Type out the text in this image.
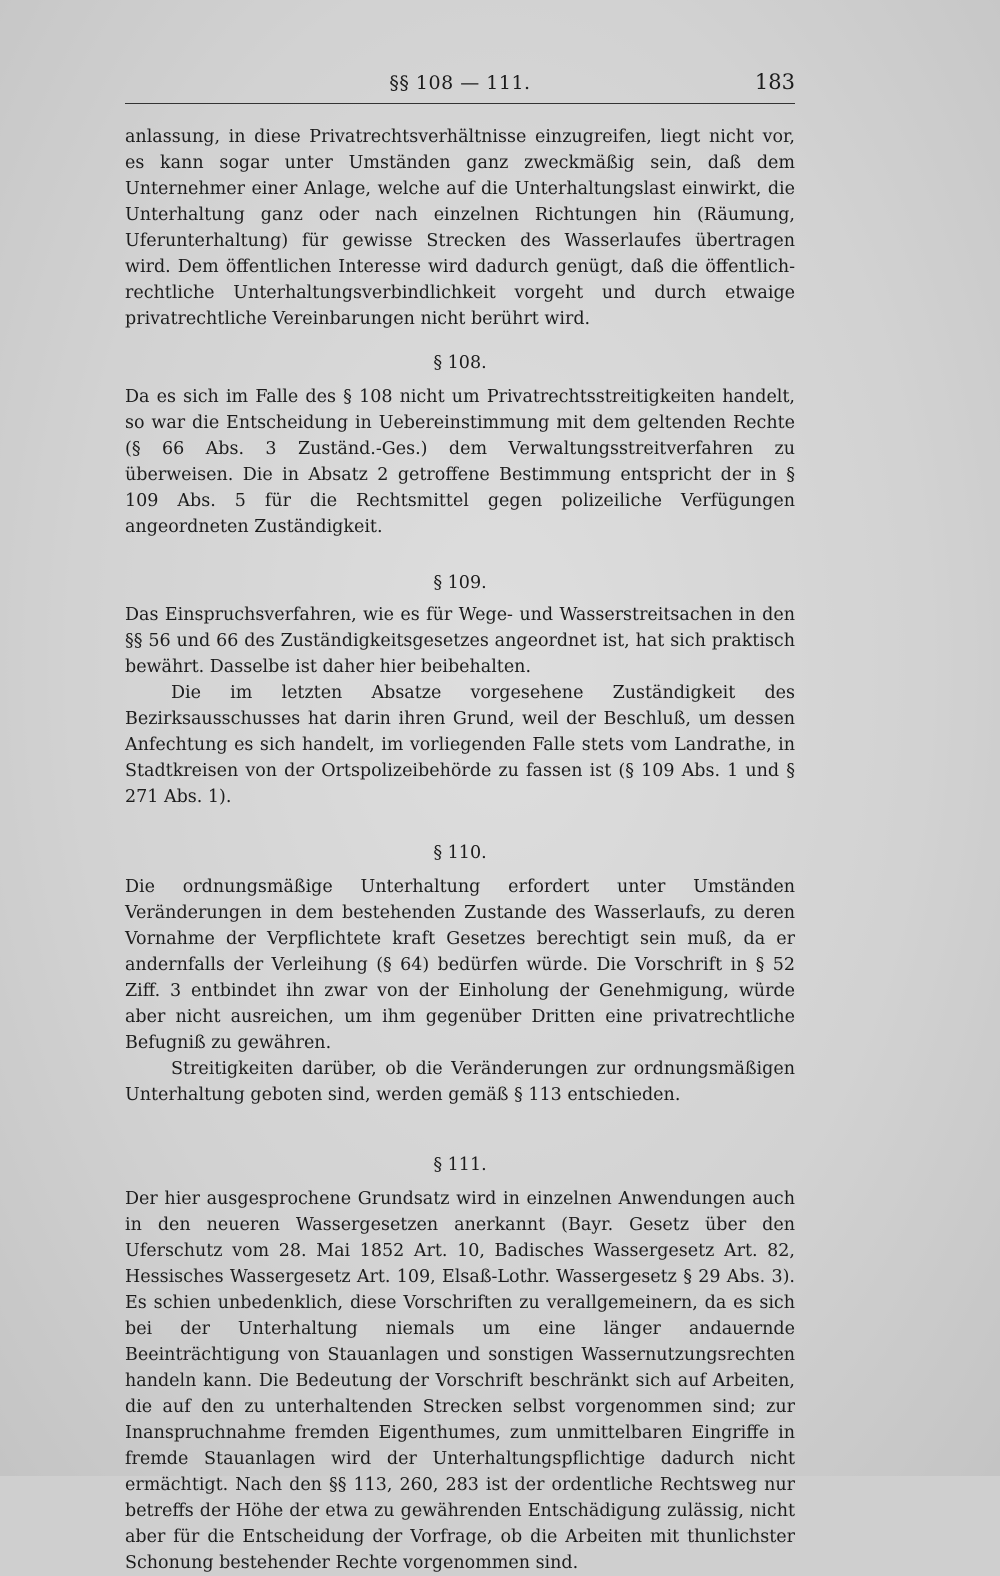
§§ 108 — 111.	183

anlassung, in diese Privatrechtsverhältnisse einzugreifen, liegt nicht vor, es kann sogar unter Umständen ganz zweckmäßig sein, daß dem Unternehmer einer Anlage, welche auf die Unterhaltungslast einwirkt, die Unterhaltung ganz oder nach einzelnen Richtungen hin (Räumung, Uferunterhaltung) für gewisse Strecken des Wasserlaufes übertragen wird. Dem öffentlichen Interesse wird dadurch genügt, daß die öffentlich-rechtliche Unterhaltungsverbindlichkeit vorgeht und durch etwaige privatrechtliche Vereinbarungen nicht berührt wird.

§ 108.

Da es sich im Falle des § 108 nicht um Privatrechtsstreitigkeiten handelt, so war die Entscheidung in Uebereinstimmung mit dem geltenden Rechte (§ 66 Abs. 3 Zuständ.-Ges.) dem Verwaltungsstreitverfahren zu überweisen. Die in Absatz 2 getroffene Bestimmung entspricht der in § 109 Abs. 5 für die Rechtsmittel gegen polizeiliche Verfügungen angeordneten Zuständigkeit.

§ 109.

Das Einspruchsverfahren, wie es für Wege- und Wasserstreitsachen in den §§ 56 und 66 des Zuständigkeitsgesetzes angeordnet ist, hat sich praktisch bewährt. Dasselbe ist daher hier beibehalten.

Die im letzten Absatze vorgesehene Zuständigkeit des Bezirksausschusses hat darin ihren Grund, weil der Beschluß, um dessen Anfechtung es sich handelt, im vorliegenden Falle stets vom Landrathe, in Stadtkreisen von der Ortspolizeibehörde zu fassen ist (§ 109 Abs. 1 und § 271 Abs. 1).

§ 110.

Die ordnungsmäßige Unterhaltung erfordert unter Umständen Veränderungen in dem bestehenden Zustande des Wasserlaufs, zu deren Vornahme der Verpflichtete kraft Gesetzes berechtigt sein muß, da er andernfalls der Verleihung (§ 64) bedürfen würde. Die Vorschrift in § 52 Ziff. 3 entbindet ihn zwar von der Einholung der Genehmigung, würde aber nicht ausreichen, um ihm gegenüber Dritten eine privatrechtliche Befugniß zu gewähren.

Streitigkeiten darüber, ob die Veränderungen zur ordnungsmäßigen Unterhaltung geboten sind, werden gemäß § 113 entschieden.

§ 111.

Der hier ausgesprochene Grundsatz wird in einzelnen Anwendungen auch in den neueren Wassergesetzen anerkannt (Bayr. Gesetz über den Uferschutz vom 28. Mai 1852 Art. 10, Badisches Wassergesetz Art. 82, Hessisches Wassergesetz Art. 109, Elsaß-Lothr. Wassergesetz § 29 Abs. 3). Es schien unbedenklich, diese Vorschriften zu verallgemeinern, da es sich bei der Unterhaltung niemals um eine länger andauernde Beeinträchtigung von Stauanlagen und sonstigen Wassernutzungsrechten handeln kann. Die Bedeutung der Vorschrift beschränkt sich auf Arbeiten, die auf den zu unterhaltenden Strecken selbst vorgenommen sind; zur Inanspruchnahme fremden Eigenthumes, zum unmittelbaren Eingriffe in fremde Stauanlagen wird der Unterhaltungspflichtige dadurch nicht ermächtigt. Nach den §§ 113, 260, 283 ist der ordentliche Rechtsweg nur betreffs der Höhe der etwa zu gewährenden Entschädigung zulässig, nicht aber für die Entscheidung der Vorfrage, ob die Arbeiten mit thunlichster Schonung bestehender Rechte vorgenommen sind.
